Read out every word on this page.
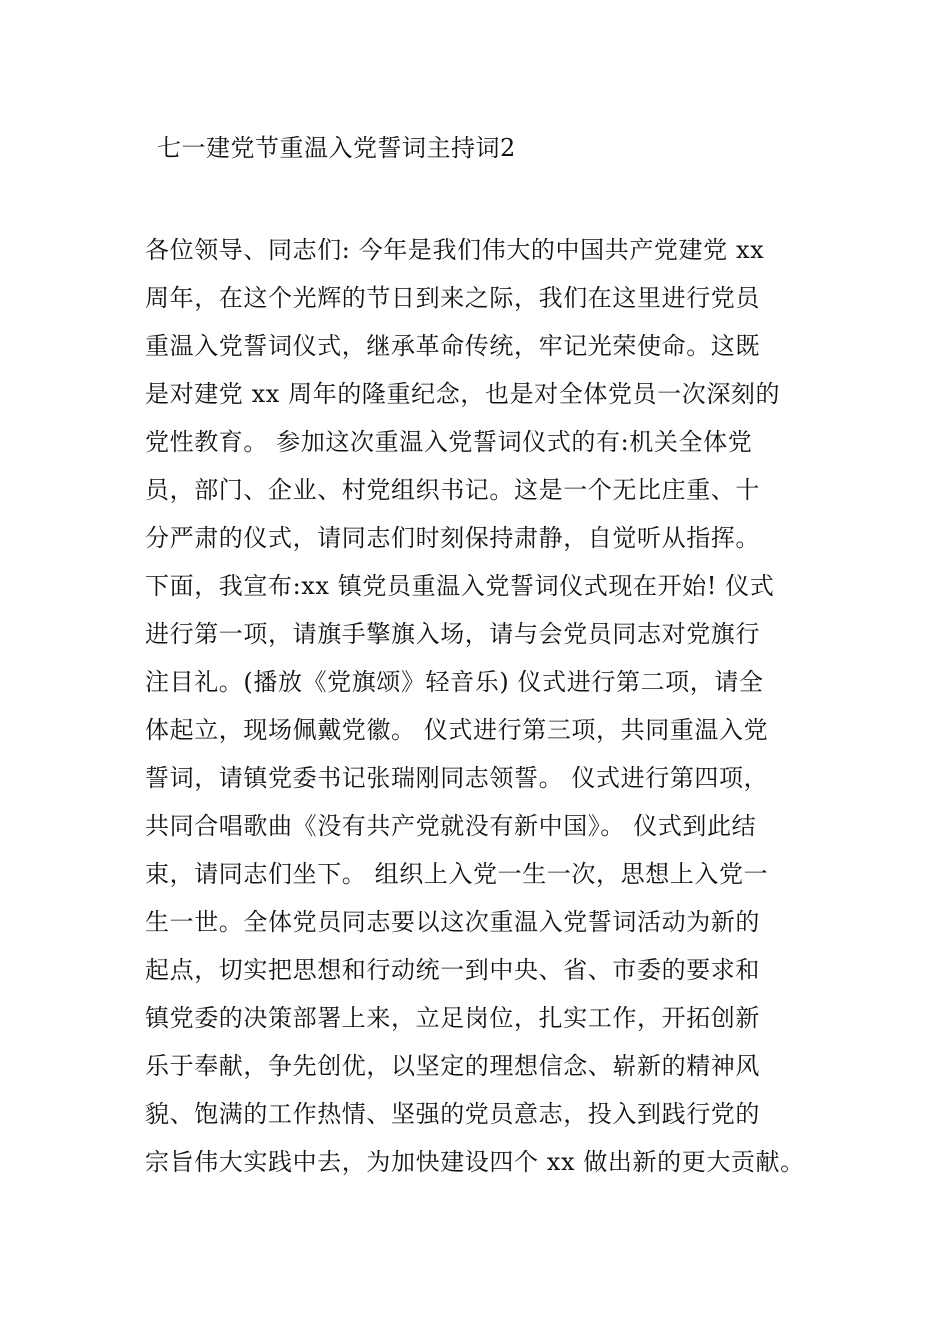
七一建党节重温入党誓词主持词2
各位领导、同志们: 今年是我们伟大的中国共产党建党 xx
周年，在这个光辉的节日到来之际，我们在这里进行党员
重温入党誓词仪式，继承革命传统，牢记光荣使命。这既
是对建党 xx 周年的隆重纪念，也是对全体党员一次深刻的
党性教育。 参加这次重温入党誓词仪式的有:机关全体党
员，部门、企业、村党组织书记。这是一个无比庄重、十
分严肃的仪式，请同志们时刻保持肃静，自觉听从指挥。
下面，我宣布:xx 镇党员重温入党誓词仪式现在开始! 仪式
进行第一项，请旗手擎旗入场，请与会党员同志对党旗行
注目礼。(播放《党旗颂》轻音乐) 仪式进行第二项，请全
体起立，现场佩戴党徽。 仪式进行第三项，共同重温入党
誓词，请镇党委书记张瑞刚同志领誓。 仪式进行第四项，
共同合唱歌曲《没有共产党就没有新中国》。 仪式到此结
束，请同志们坐下。 组织上入党一生一次，思想上入党一
生一世。全体党员同志要以这次重温入党誓词活动为新的
起点，切实把思想和行动统一到中央、省、市委的要求和
镇党委的决策部署上来，立足岗位，扎实工作，开拓创新
乐于奉献，争先创优，以坚定的理想信念、崭新的精神风
貌、饱满的工作热情、坚强的党员意志，投入到践行党的
宗旨伟大实践中去，为加快建设四个 xx 做出新的更大贡献。
